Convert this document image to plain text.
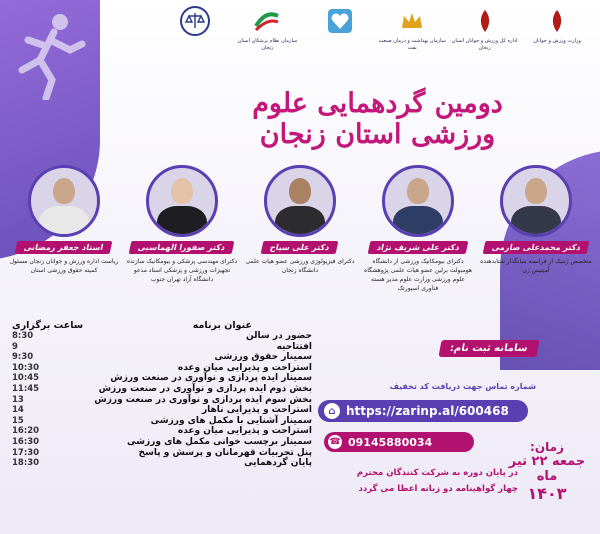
سازمان نظام پزشکان استان زنجان
سازمان بهداشت و درمان صنعت نفت
اداره کل ورزش و جوانان استان زنجان
وزارت ورزش و جوانان
دومین گردهمایی علوم ورزشی استان زنجان
دکتر محمدعلی صارمی
متخصص ژنتیک از فرانسه بنیانگذار شتابدهنده آمیتیس ژن
دکتر علی شریف نژاد
دکترای بیومکانیک ورزشی از دانشگاه هومبولت برلین عضو هیات علمی پژوهشگاه علوم ورزشی وزارت علوم مدیر هسته فناوری اسپورتک
دکتر علی سیاح
دکترای فیزیولوژی ورزشی عضو هیات علمی دانشگاه زنجان
دکتر صفورا الهماسبی
دکترای مهندسی پزشکی و بیومکانیک سازنده تجهیزات ورزشی و پزشکی استاد مدعو دانشگاه آزاد تهران جنوب
استاد جعفر رمضانی
ریاست اداره ورزش و جوانان زنجان مسئول کمیته حقوق ورزشی استان
ساعت برگزاری	عنوان برنامه
8:30	حضور در سالن
9	افتتاحیه
9:30	سمینار حقوق ورزشی
10:30	استراحت و پذیرایی میان وعده
10:45	سمینار ایده پردازی و نوآوری در صنعت ورزش
11:45	بخش دوم ایده پردازی و نوآوری در صنعت ورزش
13	بخش سوم ایده پردازی و نوآوری در صنعت ورزش
14	استراحت و پذیرایی ناهار
15	سمینار آشنایی با مکمل های ورزشی
16:20	استراحت و پذیرایی میان وعده
16:30	سمینار برچسب خوانی مکمل های ورزشی
17:30	پنل تجربیات قهرمانان و پرسش و پاسخ
18:30	پایان گردهمایی
سامانه ثبت نام:
شماره تماس جهت دریافت کد تخفیف
⌂ https://zarinp.al/600468
☎ 09145880034
در پایان دوره به شرکت کنندگان محترم
چهار گواهینامه دو زبانه اعطا می گردد
زمان:
جمعه ۲۲ تیر ماه
۱۴۰۳
